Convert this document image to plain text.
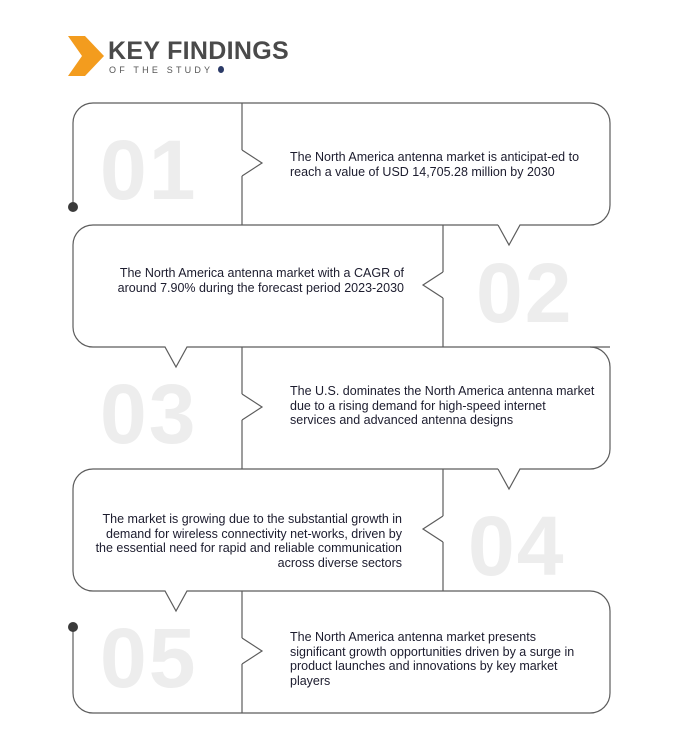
KEY FINDINGS
OF THE STUDY
01	The North America antenna market is anticipat-ed to reach a value of USD 14,705.28 million by 2030
02
The North America antenna market with a CAGR of around 7.90% during the forecast period 2023-2030
03	The U.S. dominates the North America antenna market due to a rising demand for high-speed internet services and advanced antenna designs
04
The market is growing due to the substantial growth in demand for wireless connectivity net-works, driven by the essential need for rapid and reliable communication across diverse sectors
05	The North America antenna market presents significant growth opportunities driven by a surge in product launches and innovations by key market players
